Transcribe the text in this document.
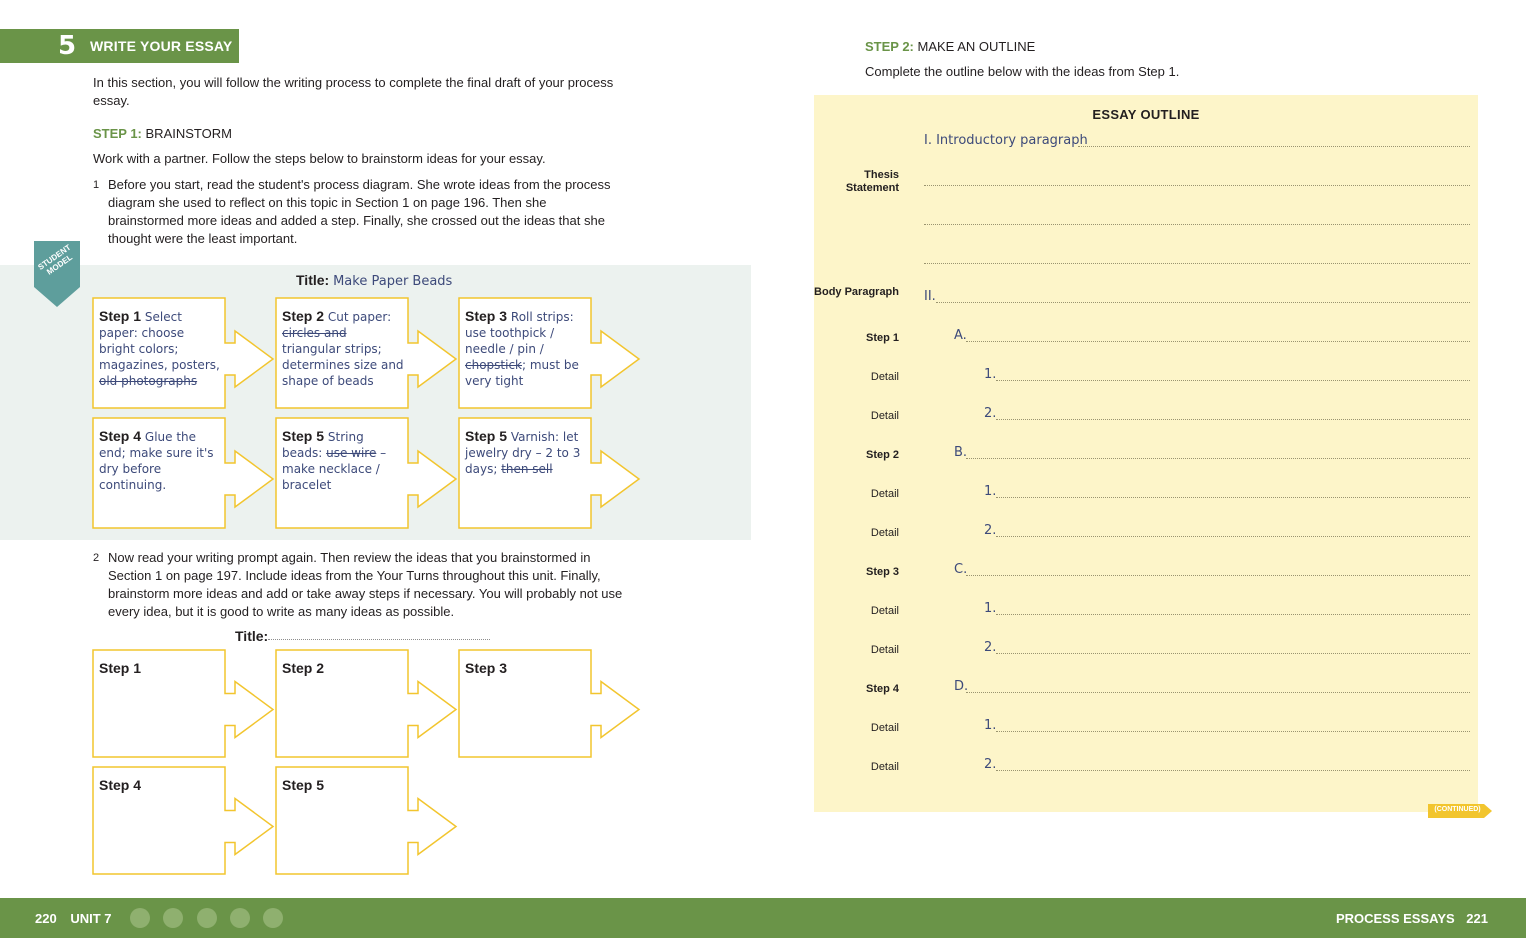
5 WRITE YOUR ESSAY

In this section, you will follow the writing process to complete the final draft of your process essay.

STEP 1: BRAINSTORM

Work with a partner. Follow the steps below to brainstorm ideas for your essay.

1 Before you start, read the student's process diagram. She wrote ideas from the process diagram she used to reflect on this topic in Section 1 on page 196. Then she brainstormed more ideas and added a step. Finally, she crossed out the ideas that she thought were the least important.
STUDENT MODEL
Title: Make Paper Beads
Step 1 Select paper: choose bright colors; magazines, posters, old photographs
Step 2 Cut paper: circles and triangular strips; determines size and shape of beads
Step 3 Roll strips: use toothpick / needle / pin / chopstick; must be very tight
Step 4 Glue the end; make sure it's dry before continuing.
Step 5 String beads: use wire – make necklace / bracelet
Step 5 Varnish: let jewelry dry – 2 to 3 days; then sell
2 Now read your writing prompt again. Then review the ideas that you brainstormed in Section 1 on page 197. Include ideas from the Your Turns throughout this unit. Finally, brainstorm more ideas and add or take away steps if necessary. You will probably not use every idea, but it is good to write as many ideas as possible.
Title:
Step 1	Step 2	Step 3
Step 4	Step 5
STEP 2: MAKE AN OUTLINE

Complete the outline below with the ideas from Step 1.

ESSAY OUTLINE
I. Introductory paragraph
Thesis Statement
Body Paragraph II.
Step 1	A.
Detail	1.
Detail	2.
Step 2	B.
Detail	1.
Detail	2.
Step 3	C.
Detail	1.
Detail	2.
Step 4	D.
Detail	1.
Detail	2.
(CONTINUED)
220 UNIT 7	PROCESS ESSAYS 221
